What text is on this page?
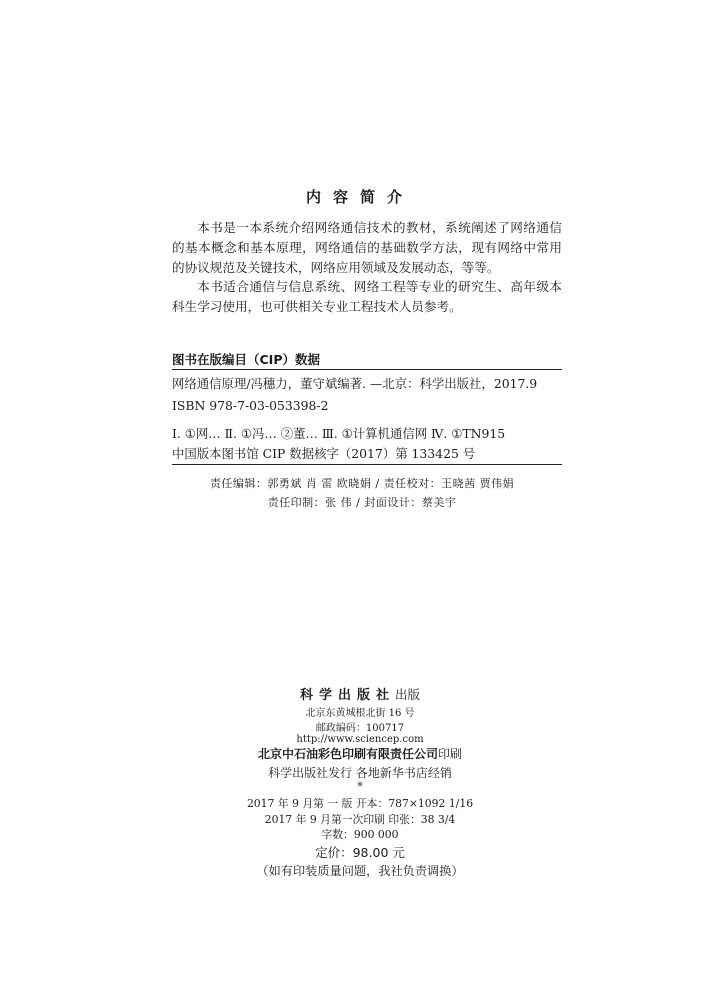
内容简介

本书是一本系统介绍网络通信技术的教材，系统阐述了网络通信的基本概念和基本原理，网络通信的基础数学方法，现有网络中常用的协议规范及关键技术，网络应用领域及发展动态，等等。

本书适合通信与信息系统、网络工程等专业的研究生、高年级本科生学习使用，也可供相关专业工程技术人员参考。

图书在版编目（CIP）数据
网络通信原理/冯穗力，董守斌编著. —北京：科学出版社，2017.9
ISBN 978-7-03-053398-2
Ⅰ. ①网… Ⅱ. ①冯… ②董… Ⅲ. ①计算机通信网 Ⅳ. ①TN915
中国版本图书馆 CIP 数据核字（2017）第 133425 号
责任编辑：郭勇斌 肖 雷 欧晓娟 / 责任校对：王晓茜 贾伟娟
责任印制：张 伟 / 封面设计：蔡美宇
科学出版社出版
北京东黄城根北街 16 号
邮政编码：100717
http://www.sciencep.com
北京中石油彩色印刷有限责任公司印刷
科学出版社发行 各地新华书店经销
*
2017 年 9 月第 一 版 开本：787×1092 1/16
2017 年 9 月第一次印刷 印张：38 3/4
字数：900 000
定价：98.00 元
（如有印装质量问题，我社负责调换）
